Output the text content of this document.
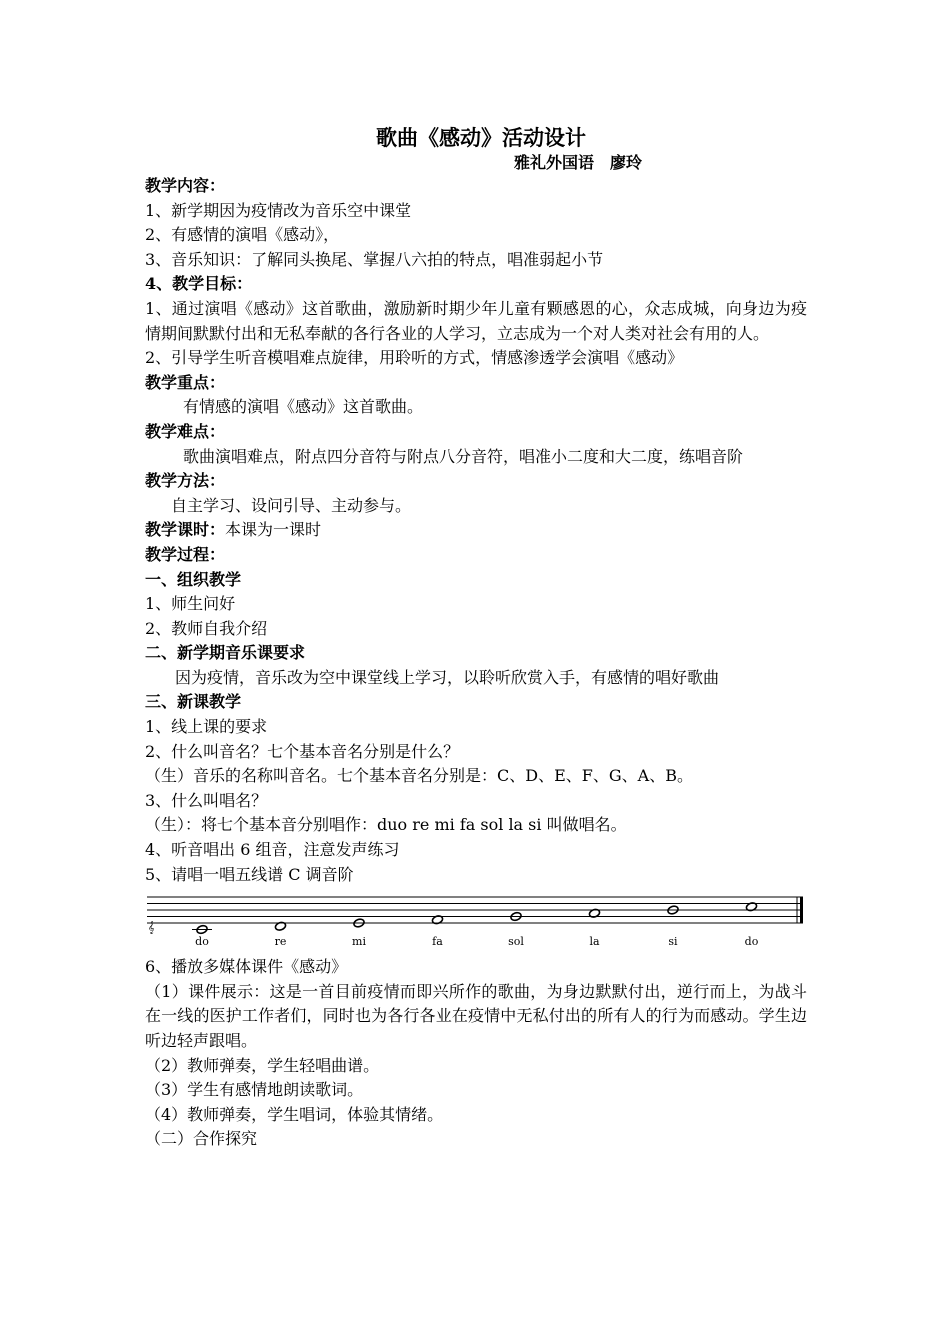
歌曲《感动》活动设计
雅礼外国语　廖玲
教学内容：
1、新学期因为疫情改为音乐空中课堂
2、有感情的演唱《感动》，
3、音乐知识：了解同头换尾、掌握八六拍的特点，唱准弱起小节
4、教学目标：
1、通过演唱《感动》这首歌曲，激励新时期少年儿童有颗感恩的心，众志成城，向身边为疫情期间默默付出和无私奉献的各行各业的人学习，立志成为一个对人类对社会有用的人。
2、引导学生听音模唱难点旋律，用聆听的方式，情感渗透学会演唱《感动》
教学重点：
有情感的演唱《感动》这首歌曲。
教学难点：
歌曲演唱难点，附点四分音符与附点八分音符，唱准小二度和大二度，练唱音阶
教学方法：
自主学习、设问引导、主动参与。
教学课时：本课为一课时
教学过程：
一、组织教学
1、师生问好
2、教师自我介绍
二、新学期音乐课要求
因为疫情，音乐改为空中课堂线上学习，以聆听欣赏入手，有感情的唱好歌曲
三、新课教学
1、线上课的要求
2、什么叫音名？七个基本音名分别是什么？
（生）音乐的名称叫音名。七个基本音名分别是：C、D、E、F、G、A、B。
3、什么叫唱名？
（生）：将七个基本音分别唱作：duo re mi fa sol la si 叫做唱名。
4、听音唱出 6 组音，注意发声练习
5、请唱一唱五线谱 C 调音阶
𝄞
do	re	mi	fa	sol	la	si	do
6、播放多媒体课件《感动》
（1）课件展示：这是一首目前疫情而即兴所作的歌曲，为身边默默付出，逆行而上，为战斗在一线的医护工作者们，同时也为各行各业在疫情中无私付出的所有人的行为而感动。学生边听边轻声跟唱。
（2）教师弹奏，学生轻唱曲谱。
（3）学生有感情地朗读歌词。
（4）教师弹奏，学生唱词，体验其情绪。
（二）合作探究
